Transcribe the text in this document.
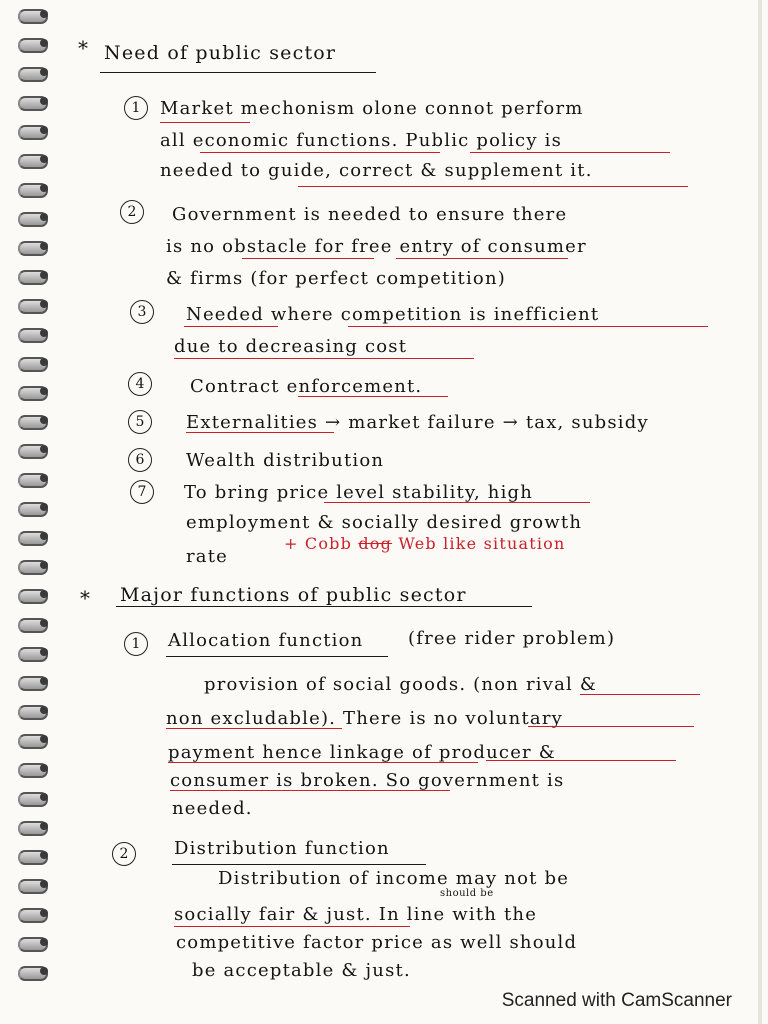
* Need of public sector
1	Market mechonism olone connot perform
all economic functions. Public policy is
needed to guide, correct & supplement it.
2	Government is needed to ensure there
is no obstacle for free entry of consumer
& firms (for perfect competition)
3	Needed where competition is inefficient
due to decreasing cost
4	Contract enforcement.
5	Externalities → market failure → tax, subsidy
6	Wealth distribution
7	To bring price level stability, high
employment & socially desired growth
rate
+ Cobb dog Web like situation
* Major functions of public sector
1	Allocation function (free rider problem)
provision of social goods. (non rival &
non excludable). There is no voluntary
payment hence linkage of producer &
consumer is broken. So government is
needed.
2	Distribution function
Distribution of income may not be
should be
socially fair & just. In line with the
competitive factor price as well should
be acceptable & just.
Scanned with CamScanner
